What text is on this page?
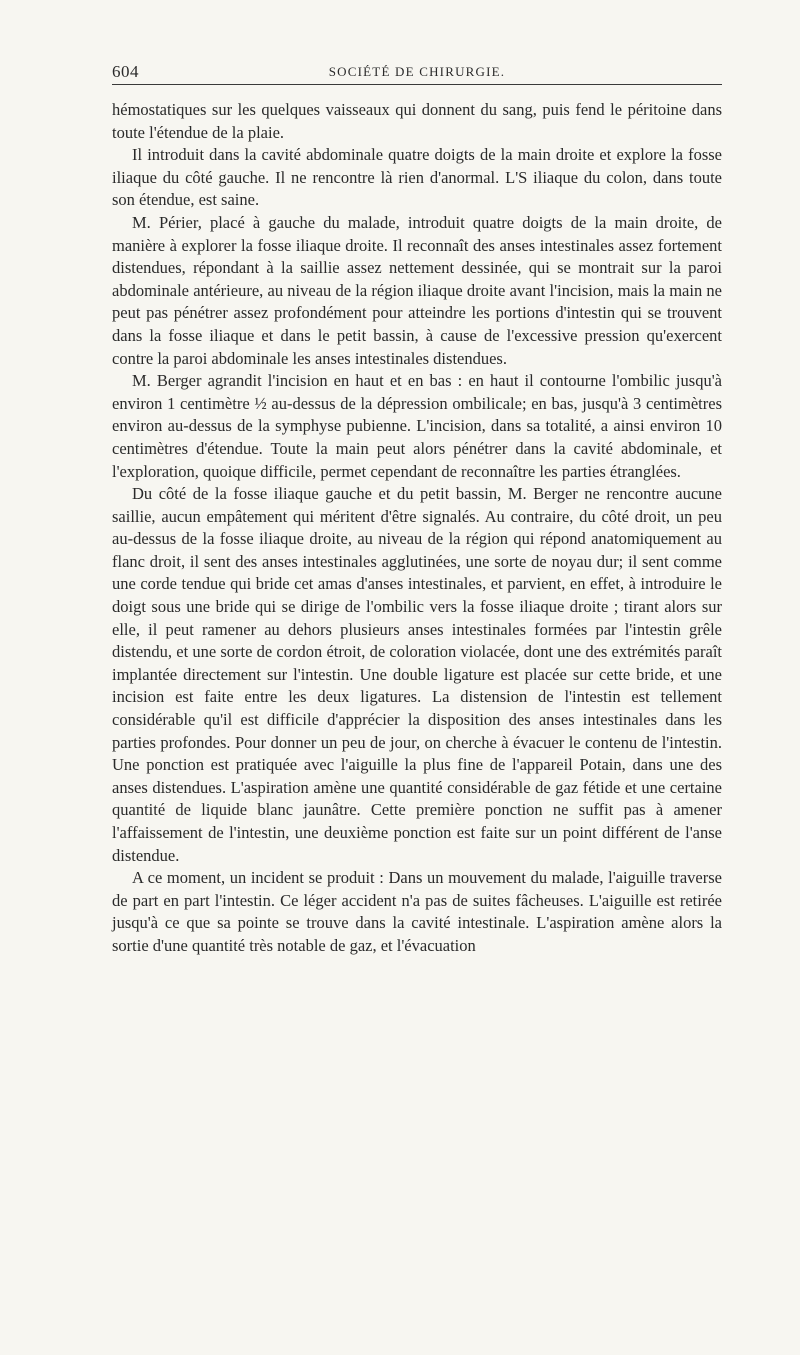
604	SOCIÉTÉ DE CHIRURGIE.

hémostatiques sur les quelques vaisseaux qui donnent du sang, puis fend le péritoine dans toute l'étendue de la plaie.

Il introduit dans la cavité abdominale quatre doigts de la main droite et explore la fosse iliaque du côté gauche. Il ne rencontre là rien d'anormal. L'S iliaque du colon, dans toute son étendue, est saine.

M. Périer, placé à gauche du malade, introduit quatre doigts de la main droite, de manière à explorer la fosse iliaque droite. Il reconnaît des anses intestinales assez fortement distendues, répondant à la saillie assez nettement dessinée, qui se montrait sur la paroi abdominale antérieure, au niveau de la région iliaque droite avant l'incision, mais la main ne peut pas pénétrer assez profondément pour atteindre les portions d'intestin qui se trouvent dans la fosse iliaque et dans le petit bassin, à cause de l'excessive pression qu'exercent contre la paroi abdominale les anses intestinales distendues.

M. Berger agrandit l'incision en haut et en bas : en haut il contourne l'ombilic jusqu'à environ 1 centimètre ½ au-dessus de la dépression ombilicale; en bas, jusqu'à 3 centimètres environ au-dessus de la symphyse pubienne. L'incision, dans sa totalité, a ainsi environ 10 centimètres d'étendue. Toute la main peut alors pénétrer dans la cavité abdominale, et l'exploration, quoique difficile, permet cependant de reconnaître les parties étranglées.

Du côté de la fosse iliaque gauche et du petit bassin, M. Berger ne rencontre aucune saillie, aucun empâtement qui méritent d'être signalés. Au contraire, du côté droit, un peu au-dessus de la fosse iliaque droite, au niveau de la région qui répond anatomiquement au flanc droit, il sent des anses intestinales agglutinées, une sorte de noyau dur; il sent comme une corde tendue qui bride cet amas d'anses intestinales, et parvient, en effet, à introduire le doigt sous une bride qui se dirige de l'ombilic vers la fosse iliaque droite ; tirant alors sur elle, il peut ramener au dehors plusieurs anses intestinales formées par l'intestin grêle distendu, et une sorte de cordon étroit, de coloration violacée, dont une des extrémités paraît implantée directement sur l'intestin. Une double ligature est placée sur cette bride, et une incision est faite entre les deux ligatures. La distension de l'intestin est tellement considérable qu'il est difficile d'apprécier la disposition des anses intestinales dans les parties profondes. Pour donner un peu de jour, on cherche à évacuer le contenu de l'intestin. Une ponction est pratiquée avec l'aiguille la plus fine de l'appareil Potain, dans une des anses distendues. L'aspiration amène une quantité considérable de gaz fétide et une certaine quantité de liquide blanc jaunâtre. Cette première ponction ne suffit pas à amener l'affaissement de l'intestin, une deuxième ponction est faite sur un point différent de l'anse distendue.

A ce moment, un incident se produit : Dans un mouvement du malade, l'aiguille traverse de part en part l'intestin. Ce léger accident n'a pas de suites fâcheuses. L'aiguille est retirée jusqu'à ce que sa pointe se trouve dans la cavité intestinale. L'aspiration amène alors la sortie d'une quantité très notable de gaz, et l'évacuation
